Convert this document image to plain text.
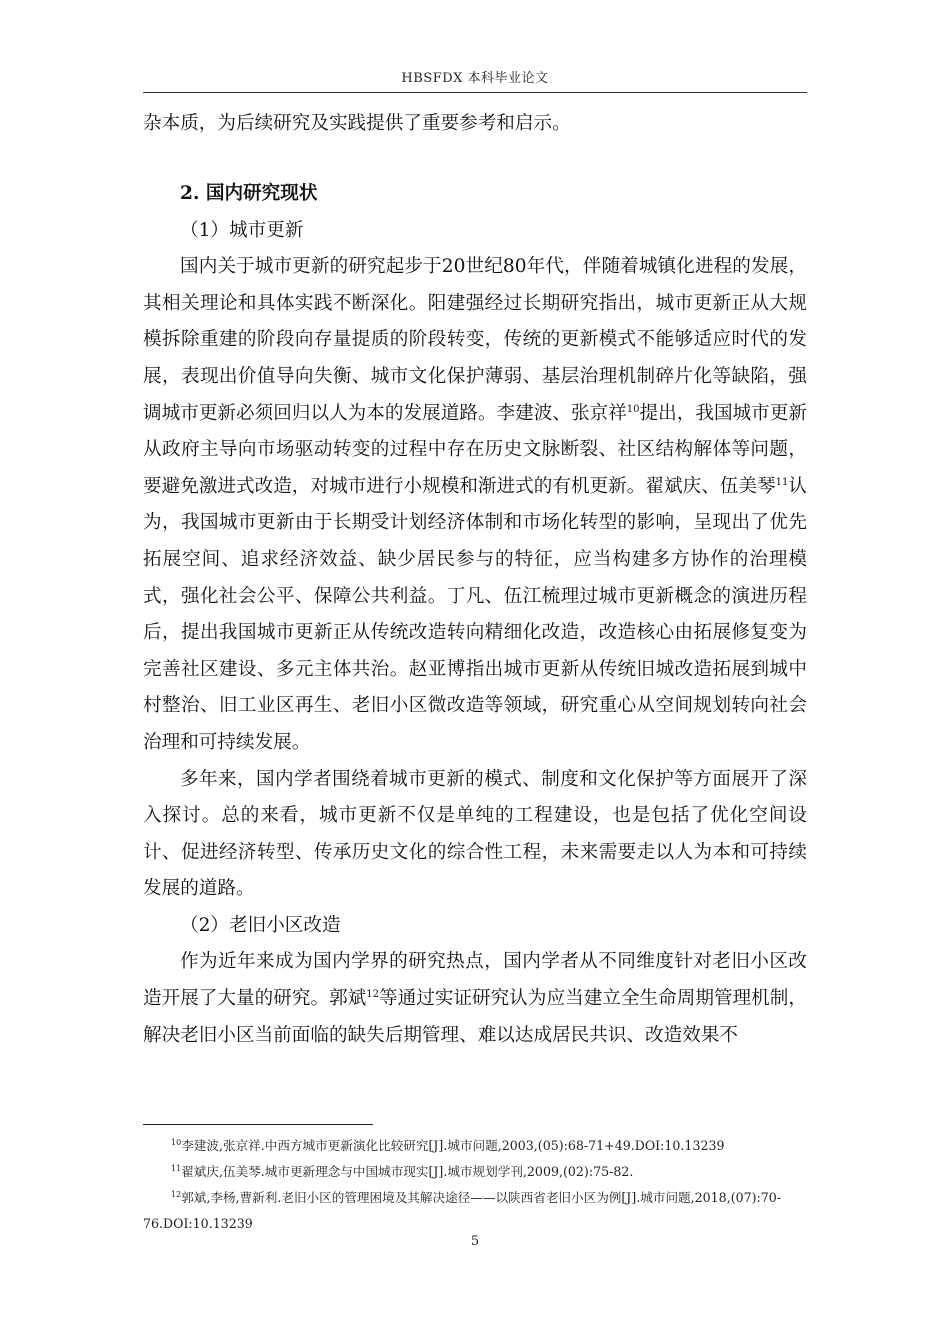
HBSFDX 本科毕业论文

杂本质，为后续研究及实践提供了重要参考和启示。

2. 国内研究现状

（1）城市更新

国内关于城市更新的研究起步于20世纪80年代，伴随着城镇化进程的发展，其相关理论和具体实践不断深化。阳建强经过长期研究指出，城市更新正从大规模拆除重建的阶段向存量提质的阶段转变，传统的更新模式不能够适应时代的发展，表现出价值导向失衡、城市文化保护薄弱、基层治理机制碎片化等缺陷，强调城市更新必须回归以人为本的发展道路。李建波、张京祥$^{10}$提出，我国城市更新从政府主导向市场驱动转变的过程中存在历史文脉断裂、社区结构解体等问题，要避免激进式改造，对城市进行小规模和渐进式的有机更新。翟斌庆、伍美琴$^{11}$认为，我国城市更新由于长期受计划经济体制和市场化转型的影响，呈现出了优先拓展空间、追求经济效益、缺少居民参与的特征，应当构建多方协作的治理模式，强化社会公平、保障公共利益。丁凡、伍江梳理过城市更新概念的演进历程后，提出我国城市更新正从传统改造转向精细化改造，改造核心由拓展修复变为完善社区建设、多元主体共治。赵亚博指出城市更新从传统旧城改造拓展到城中村整治、旧工业区再生、老旧小区微改造等领域，研究重心从空间规划转向社会治理和可持续发展。

多年来，国内学者围绕着城市更新的模式、制度和文化保护等方面展开了深入探讨。总的来看，城市更新不仅是单纯的工程建设，也是包括了优化空间设计、促进经济转型、传承历史文化的综合性工程，未来需要走以人为本和可持续发展的道路。

（2）老旧小区改造

作为近年来成为国内学界的研究热点，国内学者从不同维度针对老旧小区改造开展了大量的研究。郭斌$^{12}$等通过实证研究认为应当建立全生命周期管理机制，解决老旧小区当前面临的缺失后期管理、难以达成居民共识、改造效果不

$^{10}$李建波,张京祥.中西方城市更新演化比较研究[J].城市问题,2003,(05):68-71+49.DOI:10.13239

$^{11}$翟斌庆,伍美琴.城市更新理念与中国城市现实[J].城市规划学刊,2009,(02):75-82.

$^{12}$郭斌,李杨,曹新利.老旧小区的管理困境及其解决途径——以陕西省老旧小区为例[J].城市问题,2018,(07):70-76.DOI:10.13239

5
